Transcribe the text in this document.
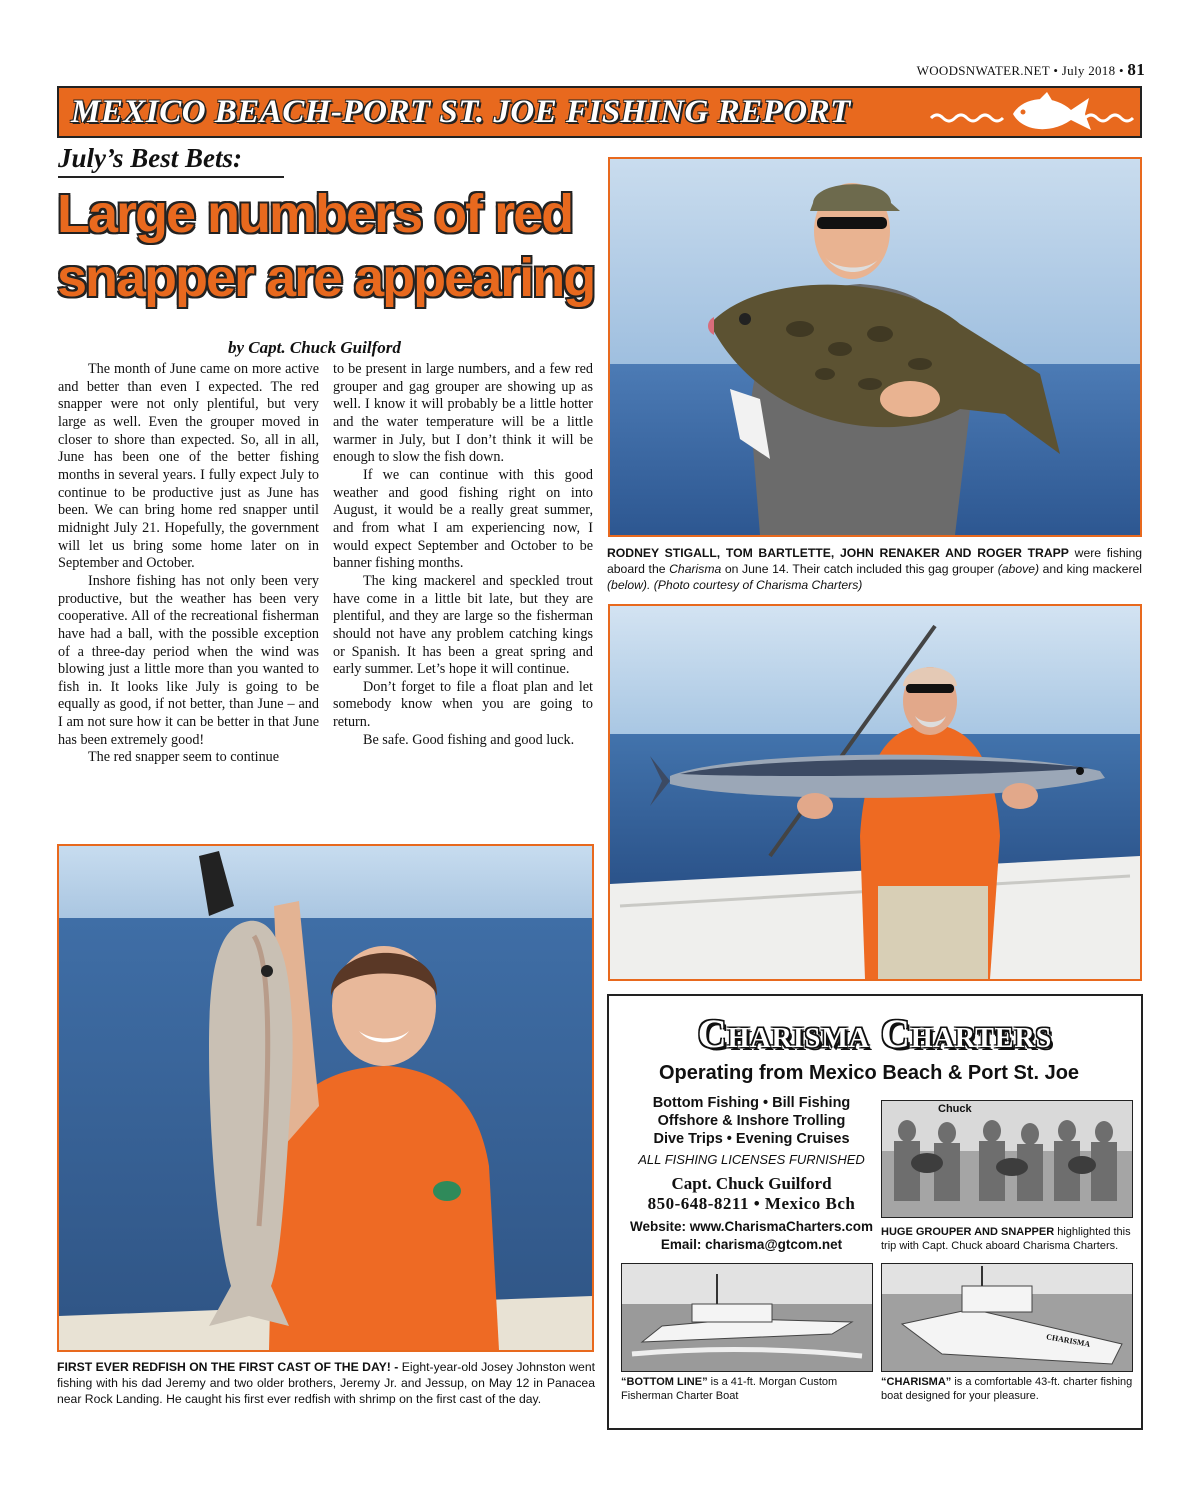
WOODSNWATER.NET • July 2018 • 81
MEXICO BEACH-PORT ST. JOE FISHING REPORT
July’s Best Bets:
Large numbers of red
snapper are appearing
by Capt. Chuck Guilford

The month of June came on more active and better than even I expected. The red snapper were not only plentiful, but very large as well. Even the grouper moved in closer to shore than expected. So, all in all, June has been one of the better fishing months in several years. I fully expect July to continue to be productive just as June has been. We can bring home red snapper until midnight July 21. Hopefully, the government will let us bring some home later on in September and October.

Inshore fishing has not only been very productive, but the weather has been very cooperative. All of the recreational fisherman have had a ball, with the possible exception of a three-day period when the wind was blowing just a little more than you wanted to fish in. It looks like July is going to be equally as good, if not better, than June – and I am not sure how it can be better in that June has been extremely good!

The red snapper seem to continue

to be present in large numbers, and a few red grouper and gag grouper are showing up as well. I know it will probably be a little hotter and the water temperature will be a little warmer in July, but I don’t think it will be enough to slow the fish down.

If we can continue with this good weather and good fishing right on into August, it would be a really great summer, and from what I am experiencing now, I would expect September and October to be banner fishing months.

The king mackerel and speckled trout have come in a little bit late, but they are plentiful, and they are large so the fisherman should not have any problem catching kings or Spanish. It has been a great spring and early summer. Let’s hope it will continue.

Don’t forget to file a float plan and let somebody know when you are going to return.

Be safe. Good fishing and good luck.

RODNEY STIGALL, TOM BARTLETTE, JOHN RENAKER AND ROGER TRAPP were fishing aboard the Charisma on June 14. Their catch included this gag grouper (above) and king mackerel (below). (Photo courtesy of Charisma Charters)
FIRST EVER REDFISH ON THE FIRST CAST OF THE DAY! - Eight-year-old Josey Johnston went fishing with his dad Jeremy and two older brothers, Jeremy Jr. and Jessup, on May 12 in Panacea near Rock Landing. He caught his first ever redfish with shrimp on the first cast of the day.
Charisma Charters
Operating from Mexico Beach & Port St. Joe
Bottom Fishing • Bill Fishing
Offshore & Inshore Trolling
Dive Trips • Evening Cruises
ALL FISHING LICENSES FURNISHED
Capt. Chuck Guilford
850-648-8211 • Mexico Bch
Website: www.CharismaCharters.com
Email: charisma@gtcom.net
Chuck
HUGE GROUPER AND SNAPPER highlighted this trip with Capt. Chuck aboard Charisma Charters.
“BOTTOM LINE” is a 41-ft. Morgan Custom Fisherman Charter Boat
CHARISMA
“CHARISMA” is a comfortable 43-ft. charter fishing boat designed for your pleasure.
